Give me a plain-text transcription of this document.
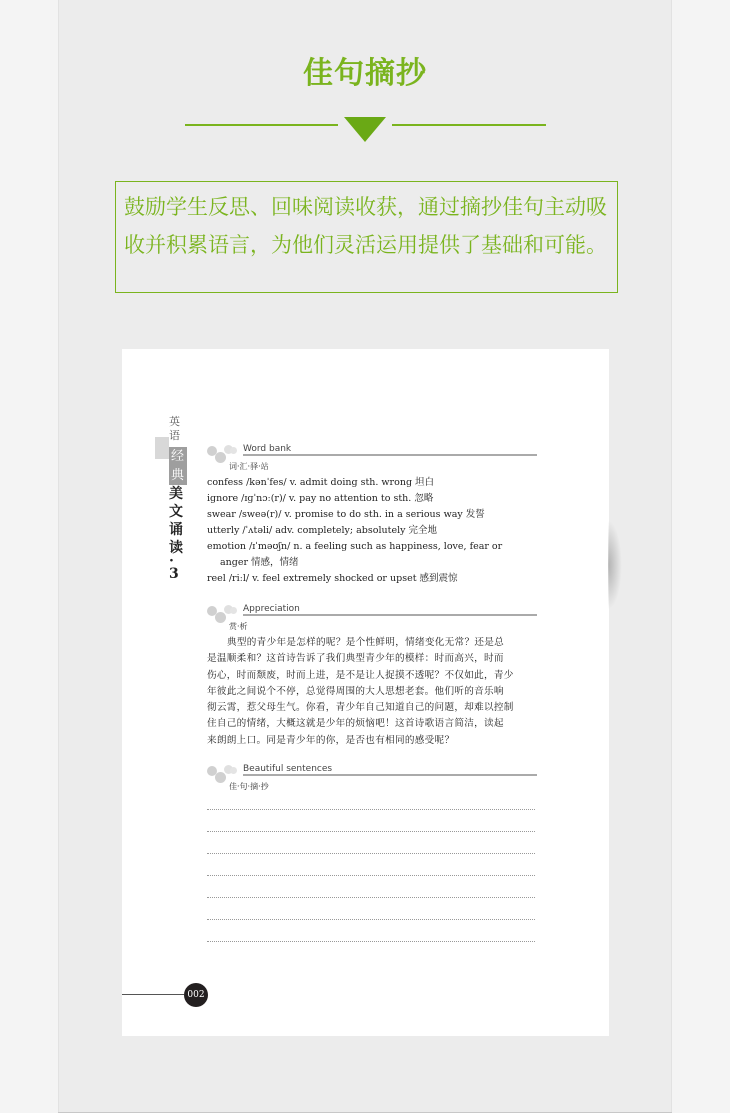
佳句摘抄

鼓励学生反思、回味阅读收获，通过摘抄佳句主动吸

收并积累语言，为他们灵活运用提供了基础和可能。

英
语
经
典
美
文
诵
读
·
3
Word bank
词·汇·驿·站
confess /kənˈfes/ v. admit doing sth. wrong 坦白
ignore /ɪɡˈnɔː(r)/ v. pay no attention to sth. 忽略
swear /sweə(r)/ v. promise to do sth. in a serious way 发誓
utterly /ˈʌtəli/ adv. completely; absolutely 完全地
emotion /ɪˈməʊʃn/ n. a feeling such as happiness, love, fear or
anger 情感，情绪
reel /riːl/ v. feel extremely shocked or upset 感到震惊
Appreciation
赏·析

典型的青少年是怎样的呢？是个性鲜明，情绪变化无常？还是总

是温顺柔和？这首诗告诉了我们典型青少年的模样：时而高兴，时而

伤心，时而颓废，时而上进，是不是让人捉摸不透呢？不仅如此，青少

年彼此之间说个不停，总觉得周围的大人思想老套。他们听的音乐响

彻云霄，惹父母生气。你看，青少年自己知道自己的问题，却难以控制

住自己的情绪，大概这就是少年的烦恼吧！这首诗歌语言简洁，读起

来朗朗上口。同是青少年的你，是否也有相同的感受呢？

Beautiful sentences
佳·句·摘·抄
002
